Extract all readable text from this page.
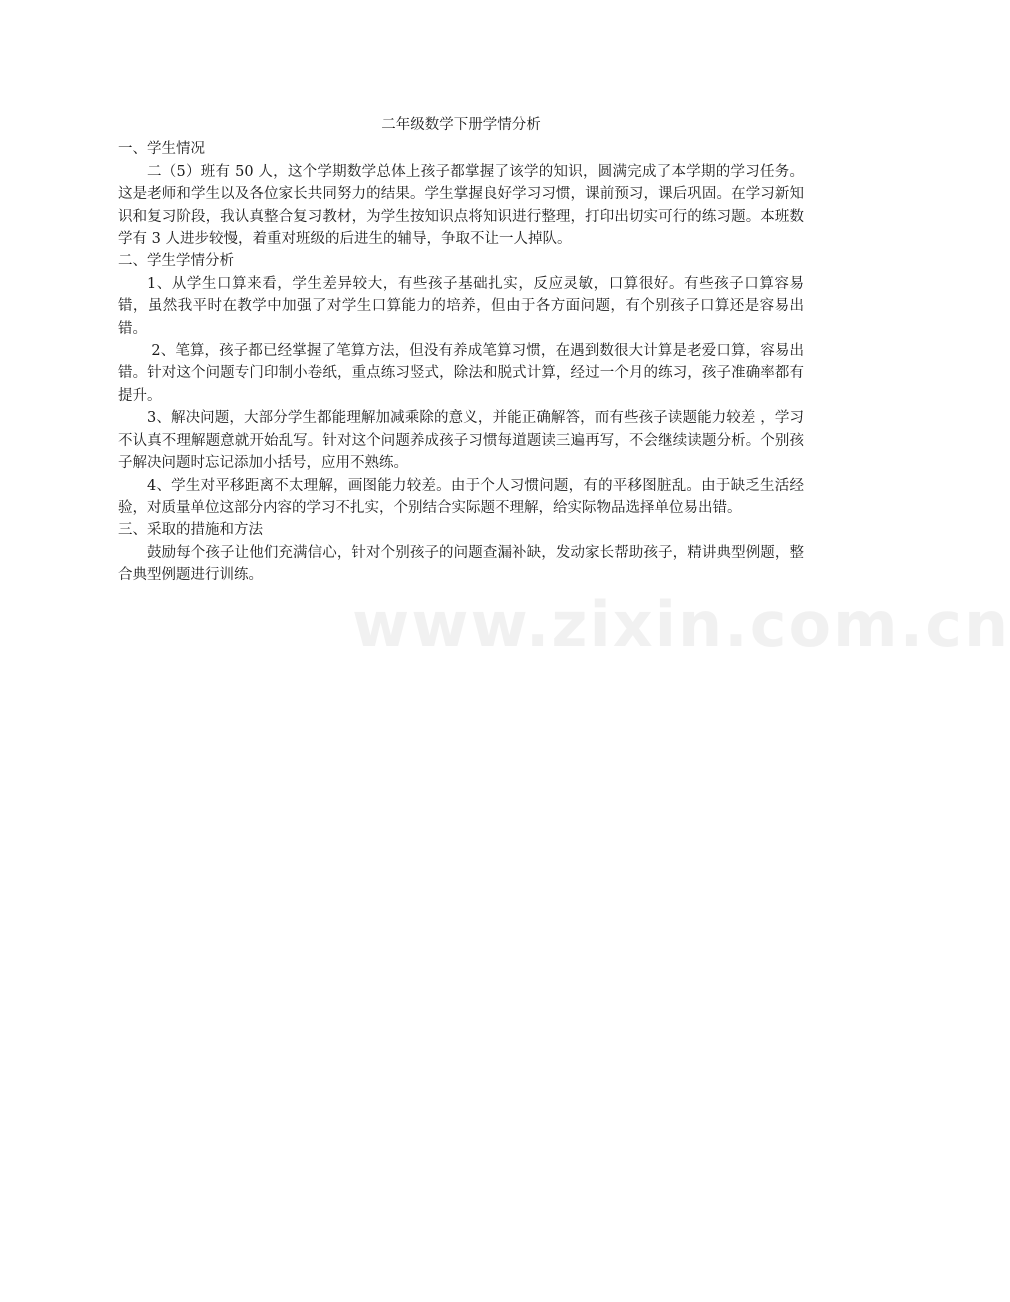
二年级数学下册学情分析

一、学生情况

二（5）班有 50 人，这个学期数学总体上孩子都掌握了该学的知识，圆满完成了本学期的学习任务。这是老师和学生以及各位家长共同努力的结果。学生掌握良好学习习惯，课前预习，课后巩固。在学习新知识和复习阶段，我认真整合复习教材，为学生按知识点将知识进行整理，打印出切实可行的练习题。本班数学有 3 人进步较慢，着重对班级的后进生的辅导，争取不让一人掉队。

二、学生学情分析

1、从学生口算来看，学生差异较大，有些孩子基础扎实，反应灵敏，口算很好。有些孩子口算容易错，虽然我平时在教学中加强了对学生口算能力的培养，但由于各方面问题，有个别孩子口算还是容易出错。

2、笔算，孩子都已经掌握了笔算方法，但没有养成笔算习惯，在遇到数很大计算是老爱口算，容易出错。针对这个问题专门印制小卷纸，重点练习竖式，除法和脱式计算，经过一个月的练习，孩子准确率都有提升。

3、解决问题，大部分学生都能理解加减乘除的意义，并能正确解答，而有些孩子读题能力较差 ，学习不认真不理解题意就开始乱写。针对这个问题养成孩子习惯每道题读三遍再写，不会继续读题分析。个别孩子解决问题时忘记添加小括号，应用不熟练。

4、学生对平移距离不太理解，画图能力较差。由于个人习惯问题，有的平移图脏乱。由于缺乏生活经验，对质量单位这部分内容的学习不扎实，个别结合实际题不理解，给实际物品选择单位易出错。

三、采取的措施和方法

鼓励每个孩子让他们充满信心，针对个别孩子的问题查漏补缺，发动家长帮助孩子，精讲典型例题，整合典型例题进行训练。

www.zixin.com.cn
